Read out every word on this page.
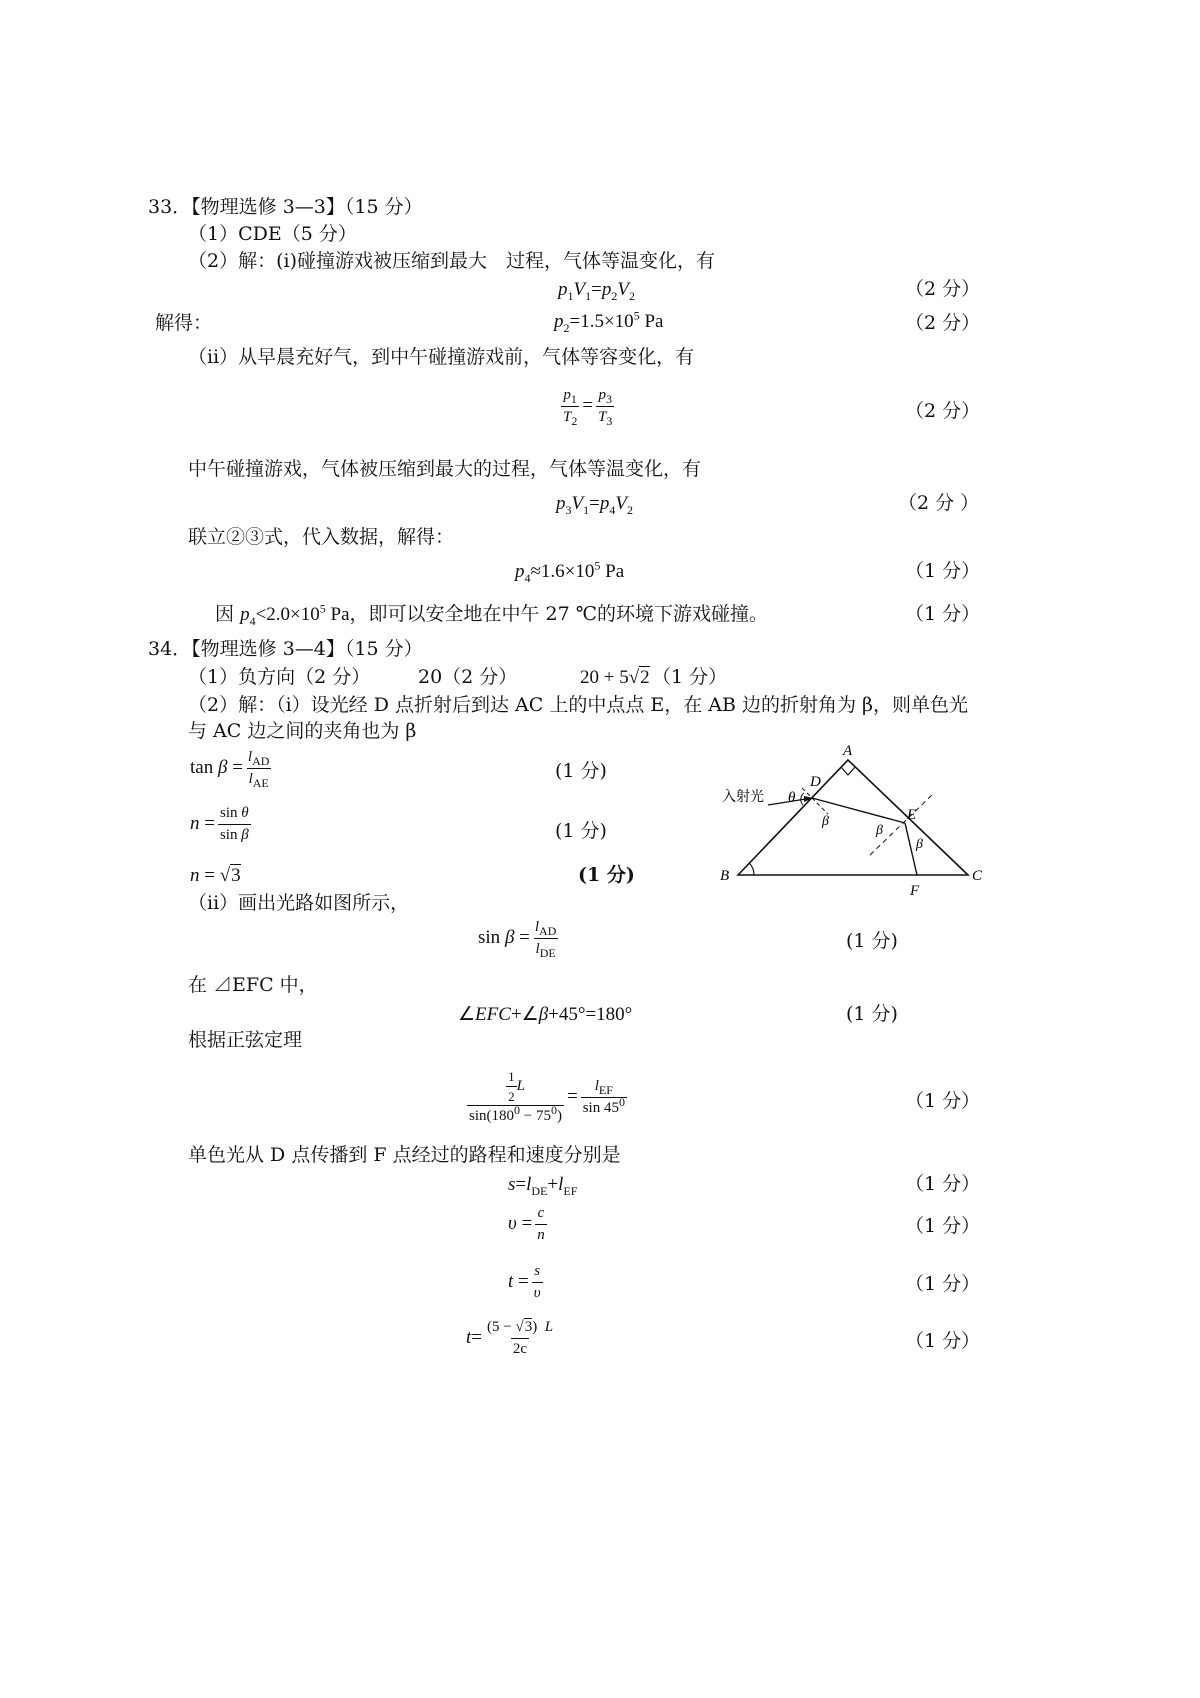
33．【物理选修 3—3】（15 分）
（1）CDE（5 分）
（2）解：(ⅰ)碰撞游戏被压缩到最大　过程，气体等温变化，有
$p_1V_1=p_2V_2$	（2 分）
解得：	$p_2=1.5\times 10^5$ Pa	（2 分）
（ⅱ）从早晨充好气，到中午碰撞游戏前，气体等容变化，有
$\frac{p_1}{T_2} = \frac{p_3}{T_3}$	（2 分）
中午碰撞游戏，气体被压缩到最大的过程，气体等温变化，有
$p_3V_1=p_4V_2$	（2 分 ）
联立②③式，代入数据，解得：
$p_4\approx 1.6\times 10^5$ Pa	（1 分）
因 $p_4<2.0\times 10^5$ Pa，即可以安全地在中午 27 ℃的环境下游戏碰撞。	（1 分）
34．【物理选修 3—4】（15 分）
（1）负方向（2 分）	20（2 分）	20 + 5√2 （1 分）
（2）解：（i）设光经 D 点折射后到达 AC 上的中点点 E，在 AB 边的折射角为 β，则单色光
与 AC 边之间的夹角也为 β
$\tan \beta = \frac{l_{AD}}{l_{AE}}$	(1 分)
$n = \frac{\text{sin θ}}{\text{sin β}}$	(1 分)
n = √3	(1 分)
（ii）画出光路如图所示，
$\sin \beta = \frac{l_{AD}}{l_{DE}}$	(1 分)
在 ⊿EFC 中，
∠EFC+∠β+45°=180°	(1 分)
根据正弦定理
$\frac{\frac{1}{2} L}{\sin(180^0 - 75^0)} = \frac{l_{EF}}{\sin 45^0}$	（1 分）
单色光从 D 点传播到 F 点经过的路程和速度分别是
$s=l_{DE}+l_{EF}$	（1 分）
$\upsilon = \frac{c}{n}$	（1 分）
$t = \frac{s}{\upsilon}$	（1 分）
$t= \frac{(5 - √3) L}{2c}$	（1 分）
A
B	C
D
E
F
θ
β
β
β
入射光
